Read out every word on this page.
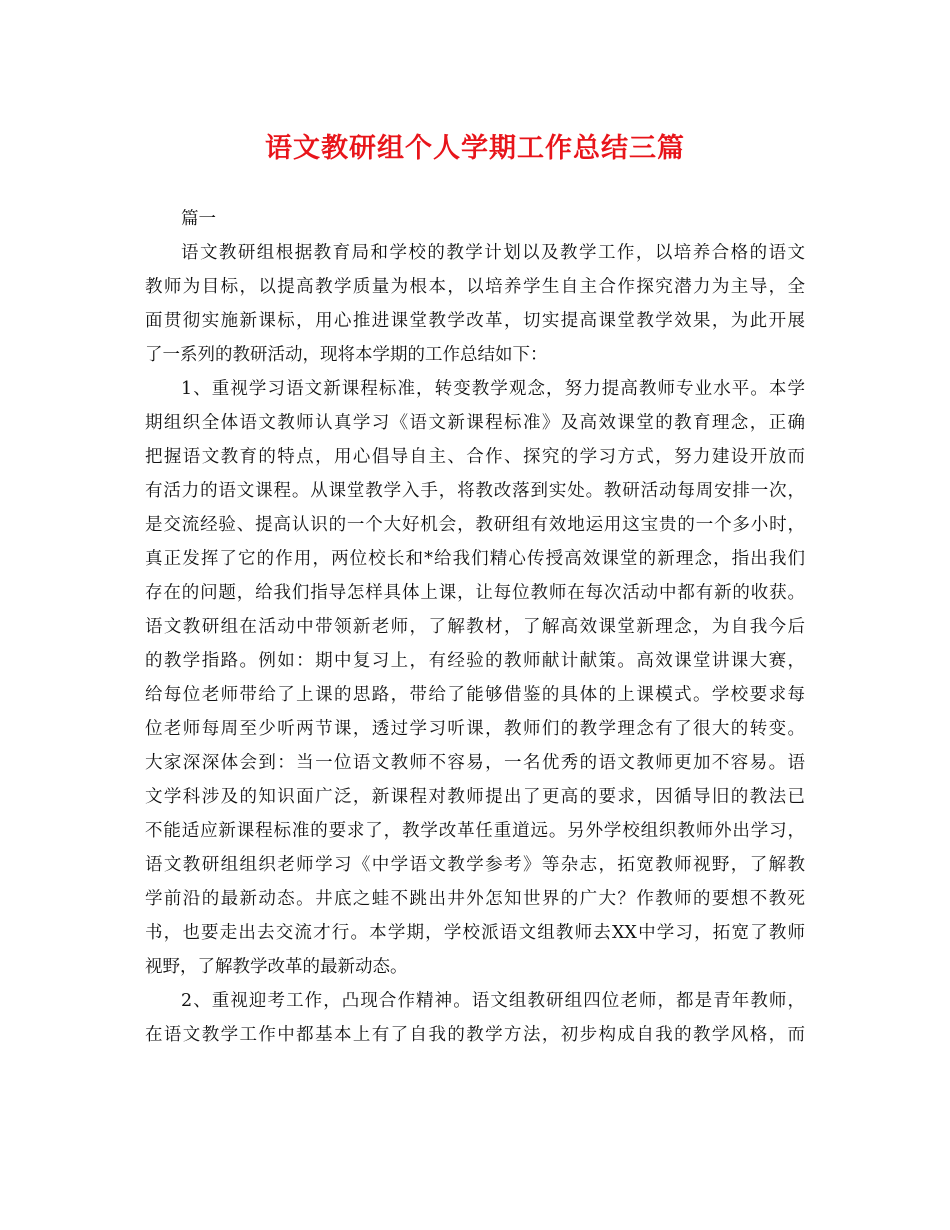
语文教研组个人学期工作总结三篇
篇一
语文教研组根据教育局和学校的教学计划以及教学工作，以培养合格的语文
教师为目标，以提高教学质量为根本，以培养学生自主合作探究潜力为主导，全
面贯彻实施新课标，用心推进课堂教学改革，切实提高课堂教学效果，为此开展
了一系列的教研活动，现将本学期的工作总结如下：
1、重视学习语文新课程标准，转变教学观念，努力提高教师专业水平。本学
期组织全体语文教师认真学习《语文新课程标准》及高效课堂的教育理念，正确
把握语文教育的特点，用心倡导自主、合作、探究的学习方式，努力建设开放而
有活力的语文课程。从课堂教学入手，将教改落到实处。教研活动每周安排一次，
是交流经验、提高认识的一个大好机会，教研组有效地运用这宝贵的一个多小时，
真正发挥了它的作用，两位校长和*给我们精心传授高效课堂的新理念，指出我们
存在的问题，给我们指导怎样具体上课，让每位教师在每次活动中都有新的收获。
语文教研组在活动中带领新老师，了解教材，了解高效课堂新理念，为自我今后
的教学指路。例如：期中复习上，有经验的教师献计献策。高效课堂讲课大赛，
给每位老师带给了上课的思路，带给了能够借鉴的具体的上课模式。学校要求每
位老师每周至少听两节课，透过学习听课，教师们的教学理念有了很大的转变。
大家深深体会到：当一位语文教师不容易，一名优秀的语文教师更加不容易。语
文学科涉及的知识面广泛，新课程对教师提出了更高的要求，因循导旧的教法已
不能适应新课程标准的要求了，教学改革任重道远。另外学校组织教师外出学习，
语文教研组组织老师学习《中学语文教学参考》等杂志，拓宽教师视野，了解教
学前沿的最新动态。井底之蛙不跳出井外怎知世界的广大？作教师的要想不教死
书，也要走出去交流才行。本学期，学校派语文组教师去XX中学习，拓宽了教师
视野，了解教学改革的最新动态。
2、重视迎考工作，凸现合作精神。语文组教研组四位老师，都是青年教师，
在语文教学工作中都基本上有了自我的教学方法，初步构成自我的教学风格，而
